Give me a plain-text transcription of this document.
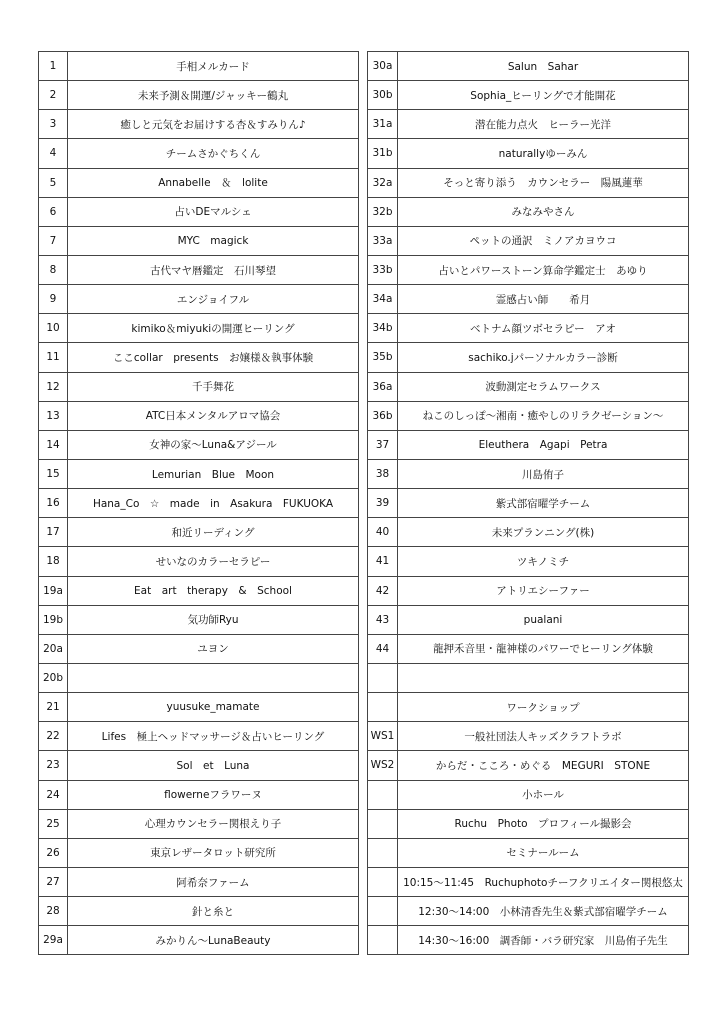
1	手相メルカード
2	未来予測＆開運/ジャッキー鶴丸
3	癒しと元気をお届けする杏＆すみりん♪
4	チームさかぐちくん
5	Annabelle　＆　lolite
6	占いDEマルシェ
7	MYC　magick
8	古代マヤ暦鑑定　石川琴望
9	エンジョイフル
10	kimiko＆miyukiの開運ヒーリング
11	ここcollar　presents　お嬢様＆執事体験
12	千手舞花
13	ATC日本メンタルアロマ協会
14	女神の家～Luna&アジール
15	Lemurian　Blue　Moon
16	Hana_Co　☆　made　in　Asakura　FUKUOKA
17	和近リーディング
18	せいなのカラーセラピー
19a	Eat　art　therapy　&　School
19b	気功師Ryu
20a	ユヨン
20b	
21	yuusuke_mamate
22	Lifes　極上ヘッドマッサージ＆占いヒーリング
23	Sol　et　Luna
24	flowerneフラワーヌ
25	心理カウンセラー関根えり子
26	東京レザータロット研究所
27	阿希奈ファーム
28	針と糸と
29a	みかりん～LunaBeauty
30a	Salun　Sahar
30b	Sophia_ヒーリングで才能開花
31a	潜在能力点火　ヒーラー光洋
31b	naturallyゆーみん
32a	そっと寄り添う　カウンセラー　陽風蓮華
32b	みなみやさん
33a	ペットの通訳　ミノアカヨウコ
33b	占いとパワーストーン算命学鑑定士　あゆり
34a	霊感占い師　　希月
34b	ベトナム顔ツボセラピー　アオ
35b	sachiko.jパーソナルカラー診断
36a	波動測定セラムワークス
36b	ねこのしっぽ～湘南・癒やしのリラクゼーション～
37	Eleuthera　Agapi　Petra
38	川島侑子
39	紫式部宿曜学チーム
40	未来プランニング(株)
41	ツキノミチ
42	アトリエシーファー
43	pualani
44	龍押禾音里・龍神様のパワーでヒーリング体験

	ワークショップ
WS1	一般社団法人キッズクラフトラボ
WS2	からだ・こころ・めぐる　MEGURI　STONE
	小ホール
	Ruchu　Photo　プロフィール撮影会
	セミナールーム
	10:15～11:45　Ruchuphotoチーフクリエイター関根悠太
	12:30～14:00　小林清香先生＆紫式部宿曜学チーム
	14:30～16:00　調香師・バラ研究家　川島侑子先生
